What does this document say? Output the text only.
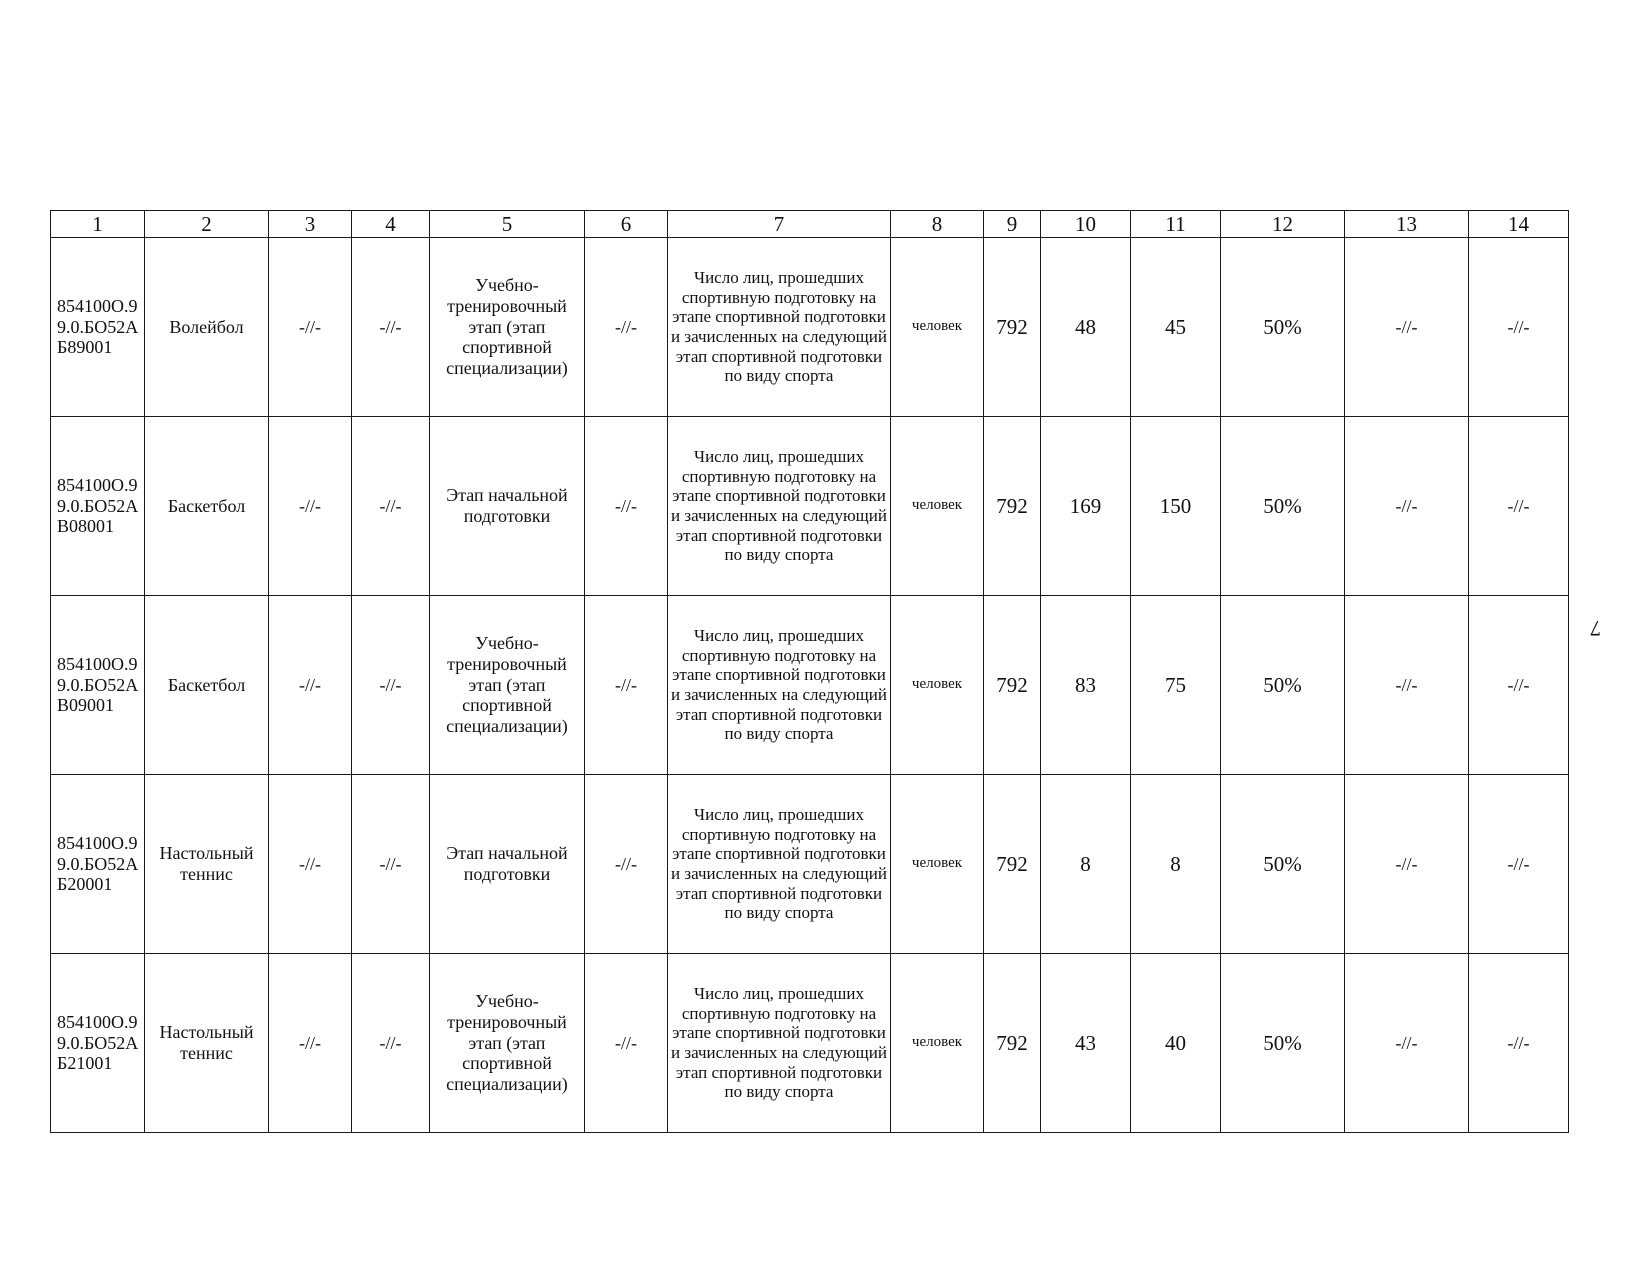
1	2	3	4	5	6	7	8	9	10	11	12	13	14
854100О.99.0.БО52АБ89001	Волейбол	-//-	-//-	Учебно-тренировочный этап (этап спортивной специализации)	-//-	Число лиц, прошедших спортивную подготовку на этапе спортивной подготовки и зачисленных на следующий этап спортивной подготовки по виду спорта	человек	792	48	45	50%	-//-	-//-
854100О.99.0.БО52АВ08001	Баскетбол	-//-	-//-	Этап начальной подготовки	-//-	Число лиц, прошедших спортивную подготовку на этапе спортивной подготовки и зачисленных на следующий этап спортивной подготовки по виду спорта	человек	792	169	150	50%	-//-	-//-
854100О.99.0.БО52АВ09001	Баскетбол	-//-	-//-	Учебно-тренировочный этап (этап спортивной специализации)	-//-	Число лиц, прошедших спортивную подготовку на этапе спортивной подготовки и зачисленных на следующий этап спортивной подготовки по виду спорта	человек	792	83	75	50%	-//-	-//-
854100О.99.0.БО52АБ20001	Настольный теннис	-//-	-//-	Этап начальной подготовки	-//-	Число лиц, прошедших спортивную подготовку на этапе спортивной подготовки и зачисленных на следующий этап спортивной подготовки по виду спорта	человек	792	8	8	50%	-//-	-//-
854100О.99.0.БО52АБ21001	Настольный теннис	-//-	-//-	Учебно-тренировочный этап (этап спортивной специализации)	-//-	Число лиц, прошедших спортивную подготовку на этапе спортивной подготовки и зачисленных на следующий этап спортивной подготовки по виду спорта	человек	792	43	40	50%	-//-	-//-
7
